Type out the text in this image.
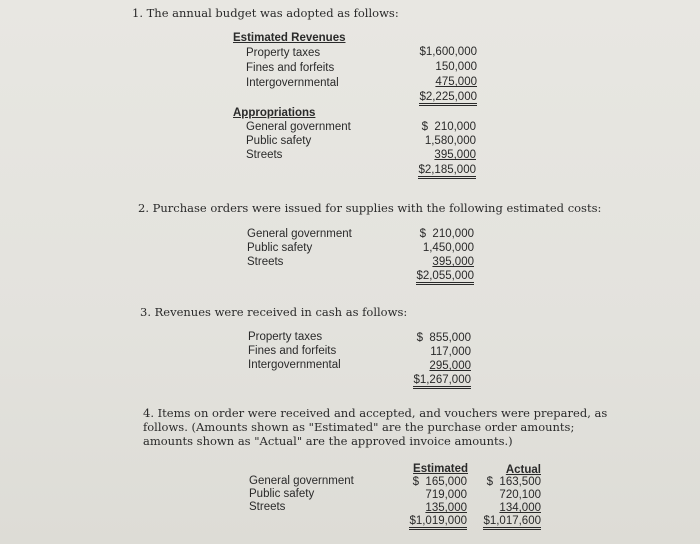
1. The annual budget was adopted as follows:
Estimated Revenues
Property taxes
Fines and forfeits
Intergovernmental
$1,600,000
150,000
475,000
$2,225,000
Appropriations
General government
Public safety
Streets
$  210,000
1,580,000
395,000
$2,185,000
2. Purchase orders were issued for supplies with the following estimated costs:
General government
Public safety
Streets
$  210,000
1,450,000
395,000
$2,055,000
3. Revenues were received in cash as follows:
Property taxes
Fines and forfeits
Intergovernmental
$  855,000
117,000
295,000
$1,267,000
4. Items on order were received and accepted, and vouchers were prepared, as follows. (Amounts shown as "Estimated" are the purchase order amounts; amounts shown as "Actual" are the approved invoice amounts.)
Estimated	Actual
General government
Public safety
Streets
$  165,000
719,000
135,000
$1,019,000
$  163,500
720,100
134,000
$1,017,600
